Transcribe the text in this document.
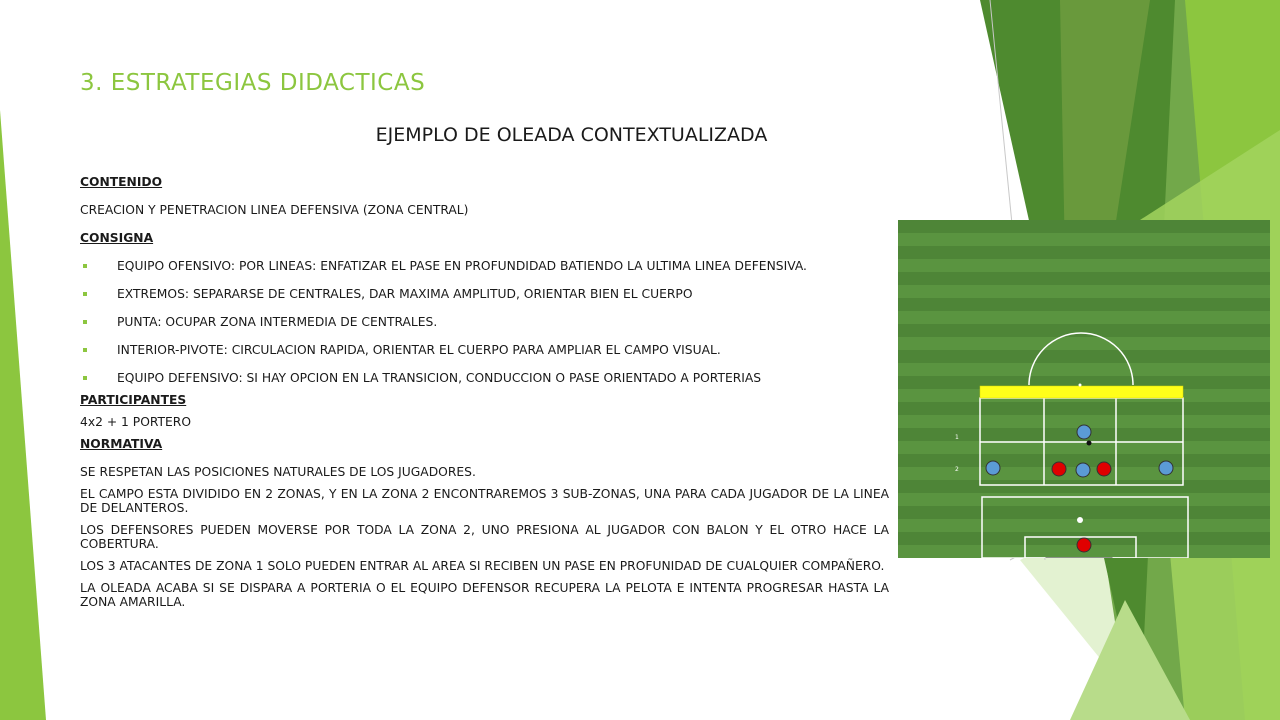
3. ESTRATEGIAS DIDACTICAS
EJEMPLO DE OLEADA CONTEXTUALIZADA

CONTENIDO

CREACION Y PENETRACION LINEA DEFENSIVA (ZONA CENTRAL)

CONSIGNA

EQUIPO OFENSIVO: POR LINEAS: ENFATIZAR EL PASE EN PROFUNDIDAD BATIENDO LA ULTIMA LINEA DEFENSIVA.
EXTREMOS: SEPARARSE DE CENTRALES, DAR MAXIMA AMPLITUD, ORIENTAR BIEN EL CUERPO
PUNTA: OCUPAR ZONA INTERMEDIA DE CENTRALES.
INTERIOR-PIVOTE: CIRCULACION RAPIDA, ORIENTAR EL CUERPO PARA AMPLIAR EL CAMPO VISUAL.
EQUIPO DEFENSIVO: SI HAY OPCION EN LA TRANSICION, CONDUCCION O PASE ORIENTADO A PORTERIAS

PARTICIPANTES

4x2 + 1 PORTERO

NORMATIVA

SE RESPETAN LAS POSICIONES NATURALES DE LOS JUGADORES.

EL CAMPO ESTA DIVIDIDO EN 2 ZONAS, Y EN LA ZONA 2 ENCONTRAREMOS 3 SUB-ZONAS, UNA PARA CADA JUGADOR DE LA LINEA DE DELANTEROS.

LOS DEFENSORES PUEDEN MOVERSE POR TODA LA ZONA 2, UNO PRESIONA AL JUGADOR CON BALON Y EL OTRO HACE LA COBERTURA.

LOS 3 ATACANTES DE ZONA 1 SOLO PUEDEN ENTRAR AL AREA SI RECIBEN UN PASE EN PROFUNIDAD DE CUALQUIER COMPAÑERO.

LA OLEADA ACABA SI SE DISPARA A PORTERIA O EL EQUIPO DEFENSOR RECUPERA LA PELOTA E INTENTA PROGRESAR HASTA LA ZONA AMARILLA.

1
2
